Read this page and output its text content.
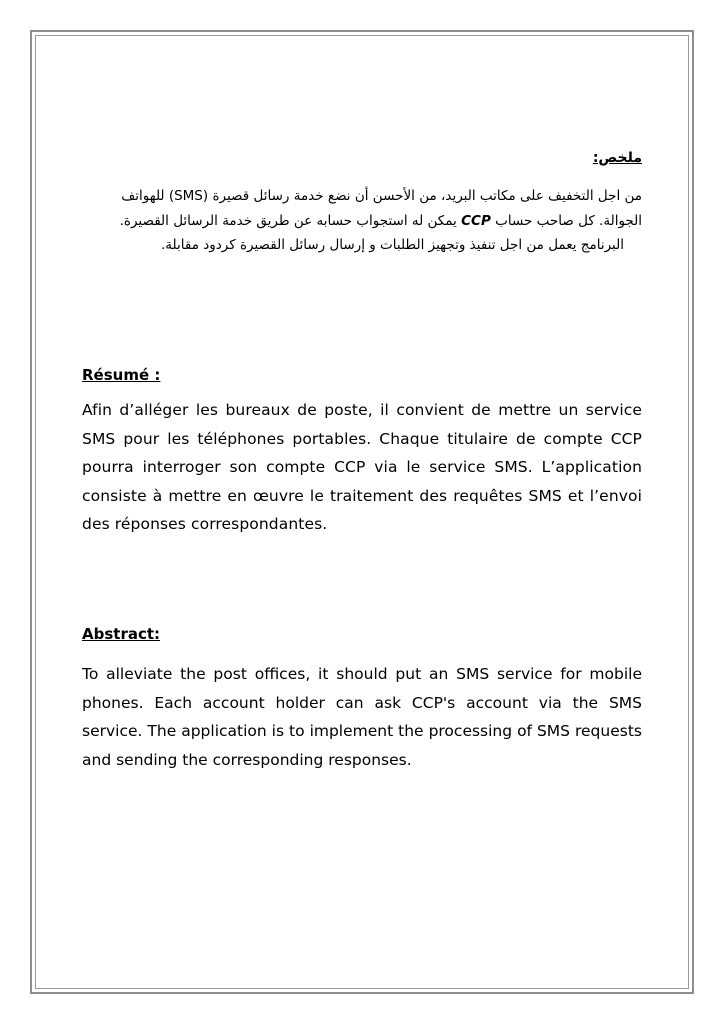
ملخص:
من اجل التخفيف على مكاتب البريد، من الأحسن أن نضع خدمة رسائل قصيرة (SMS) للهواتف
الجوالة. كل صاحب حساب CCP يمكن له استجواب حسابه عن طريق خدمة الرسائل القصيرة.
البرنامج يعمل من اجل تنفيذ وتجهيز الطلبات و إرسال رسائل القصيرة كردود مقابلة.
Résumé :
Afin d’alléger les bureaux de poste, il convient de mettre un service SMS pour les téléphones portables. Chaque titulaire de compte CCP pourra interroger son compte CCP via le service SMS. L’application consiste à mettre en œuvre le traitement des requêtes SMS et l’envoi des réponses correspondantes.
Abstract:
To alleviate the post offices, it should put an SMS service for mobile phones. Each account holder can ask CCP's account via the SMS service. The application is to implement the processing of SMS requests and sending the corresponding responses.
